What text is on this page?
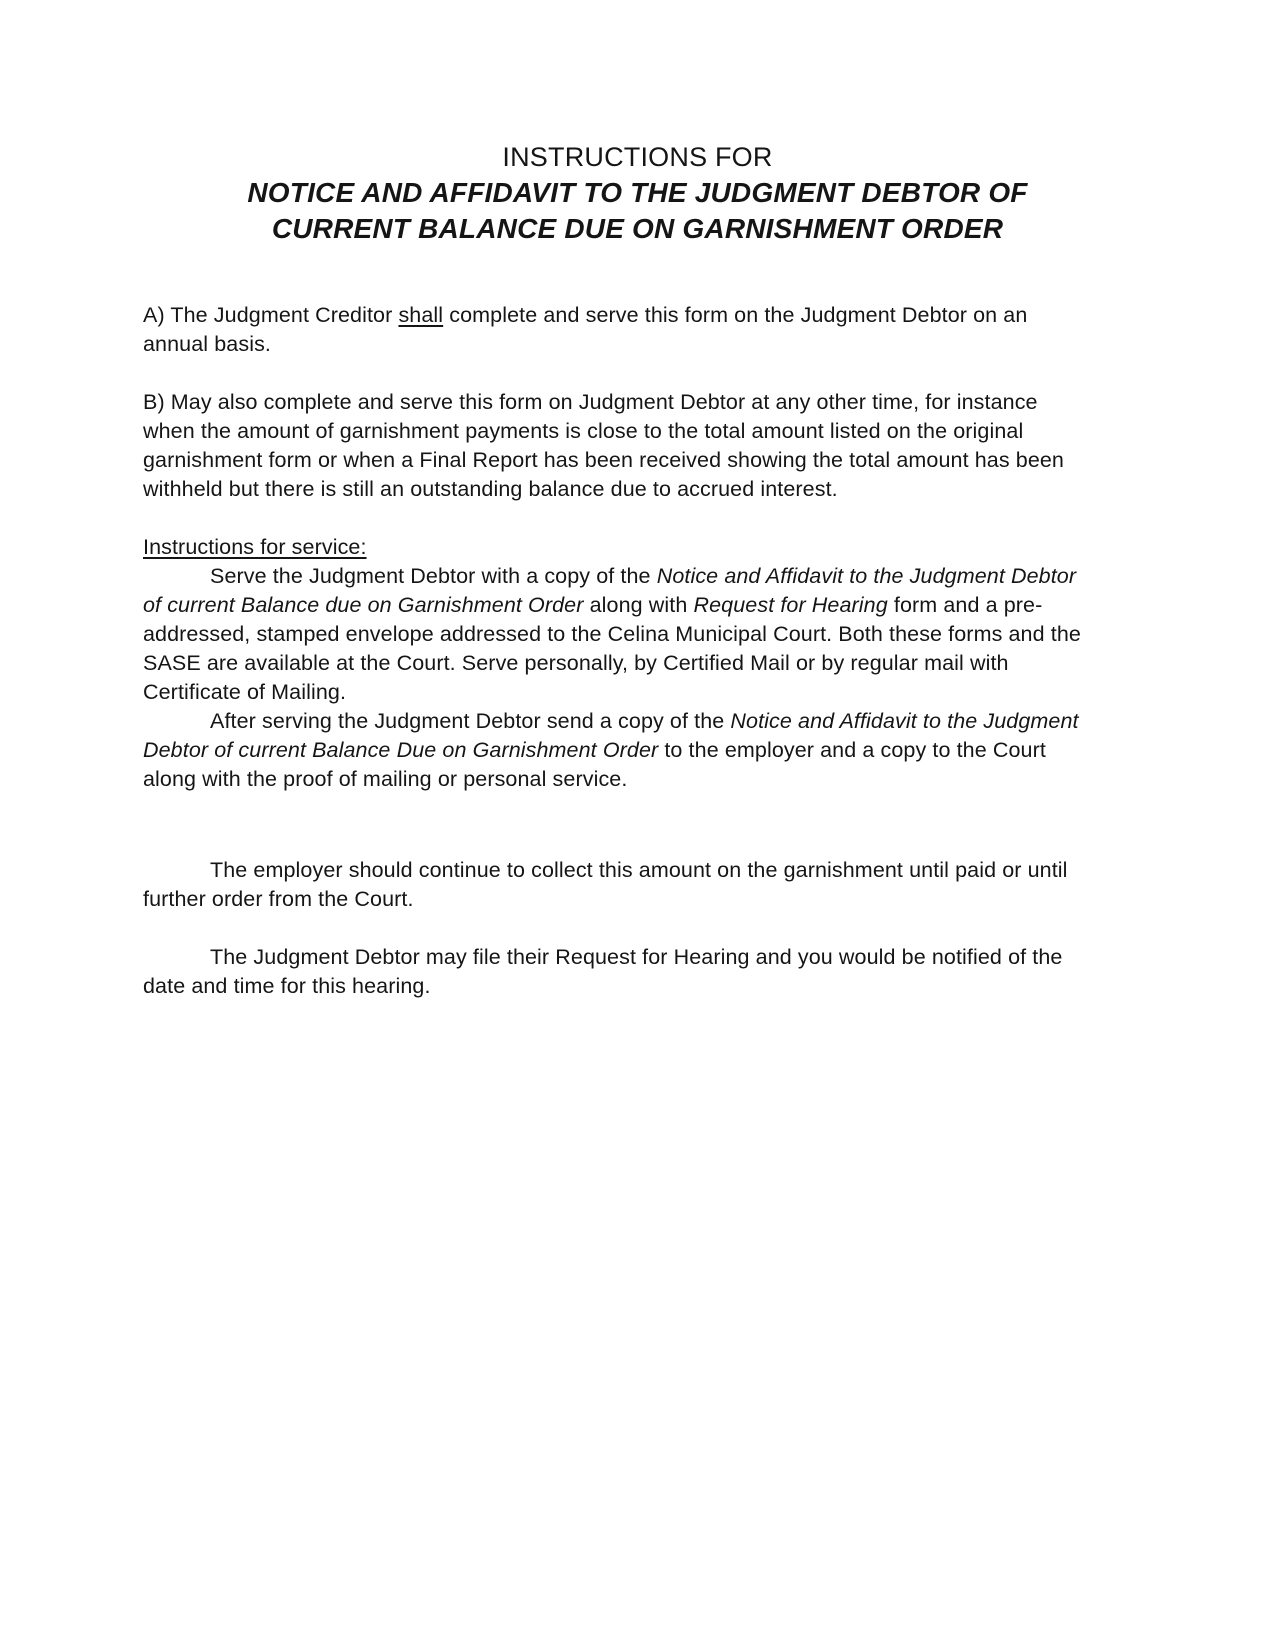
INSTRUCTIONS FOR
NOTICE AND AFFIDAVIT TO THE JUDGMENT DEBTOR OF
CURRENT BALANCE DUE ON GARNISHMENT ORDER

A) The Judgment Creditor shall complete and serve this form on the Judgment Debtor on an annual basis.

B) May also complete and serve this form on Judgment Debtor at any other time, for instance when the amount of garnishment payments is close to the total amount listed on the original garnishment form or when a Final Report has been received showing the total amount has been withheld but there is still an outstanding balance due to accrued interest.

Instructions for service:

Serve the Judgment Debtor with a copy of the Notice and Affidavit to the Judgment Debtor of current Balance due on Garnishment Order along with Request for Hearing form and a pre-addressed, stamped envelope addressed to the Celina Municipal Court. Both these forms and the SASE are available at the Court. Serve personally, by Certified Mail or by regular mail with Certificate of Mailing.

After serving the Judgment Debtor send a copy of the Notice and Affidavit to the Judgment Debtor of current Balance Due on Garnishment Order to the employer and a copy to the Court along with the proof of mailing or personal service.

The employer should continue to collect this amount on the garnishment until paid or until further order from the Court.

The Judgment Debtor may file their Request for Hearing and you would be notified of the date and time for this hearing.
